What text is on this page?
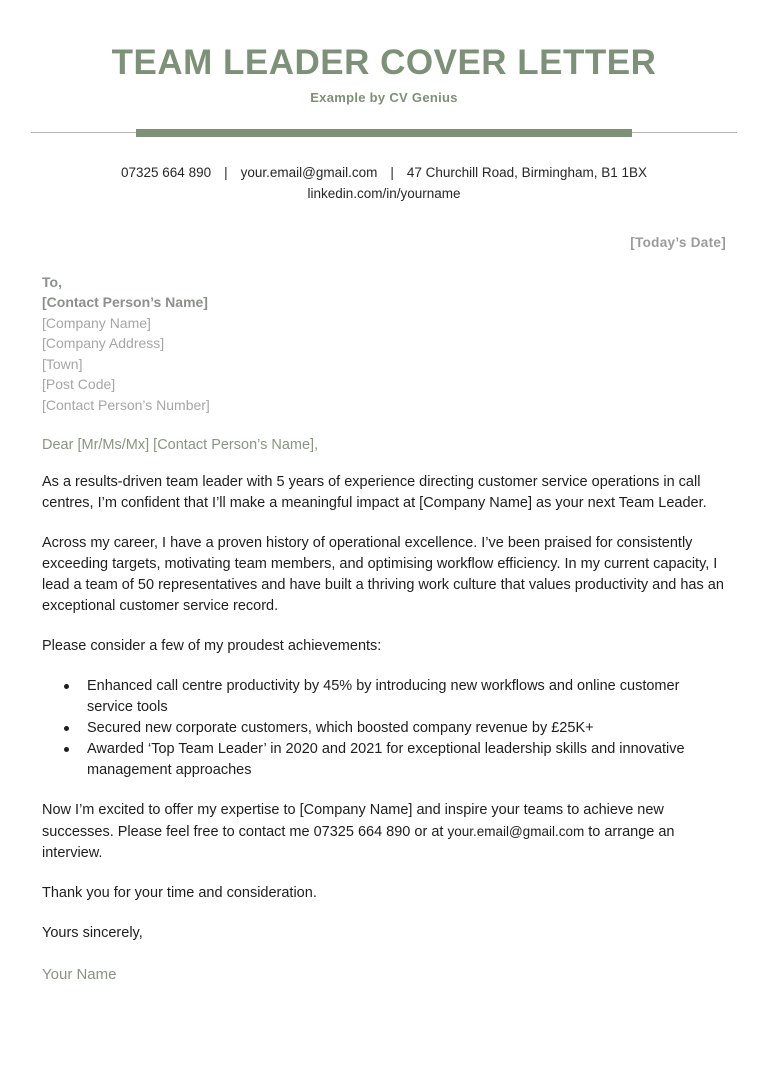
TEAM LEADER COVER LETTER
Example by CV Genius
07325 664 890 | your.email@gmail.com | 47 Churchill Road, Birmingham, B1 1BX
linkedin.com/in/yourname
[Today’s Date]
To,
[Contact Person’s Name]
[Company Name]
[Company Address]
[Town]
[Post Code]
[Contact Person’s Number]
Dear [Mr/Ms/Mx] [Contact Person’s Name],
As a results-driven team leader with 5 years of experience directing customer service operations in call centres, I’m confident that I’ll make a meaningful impact at [Company Name] as your next Team Leader.
Across my career, I have a proven history of operational excellence. I’ve been praised for consistently exceeding targets, motivating team members, and optimising workflow efficiency. In my current capacity, I lead a team of 50 representatives and have built a thriving work culture that values productivity and has an exceptional customer service record.
Please consider a few of my proudest achievements:
Enhanced call centre productivity by 45% by introducing new workflows and online customer service tools
Secured new corporate customers, which boosted company revenue by £25K+
Awarded ‘Top Team Leader’ in 2020 and 2021 for exceptional leadership skills and innovative management approaches
Now I’m excited to offer my expertise to [Company Name] and inspire your teams to achieve new successes. Please feel free to contact me 07325 664 890 or at your.email@gmail.com to arrange an interview.
Thank you for your time and consideration.
Yours sincerely,
Your Name
